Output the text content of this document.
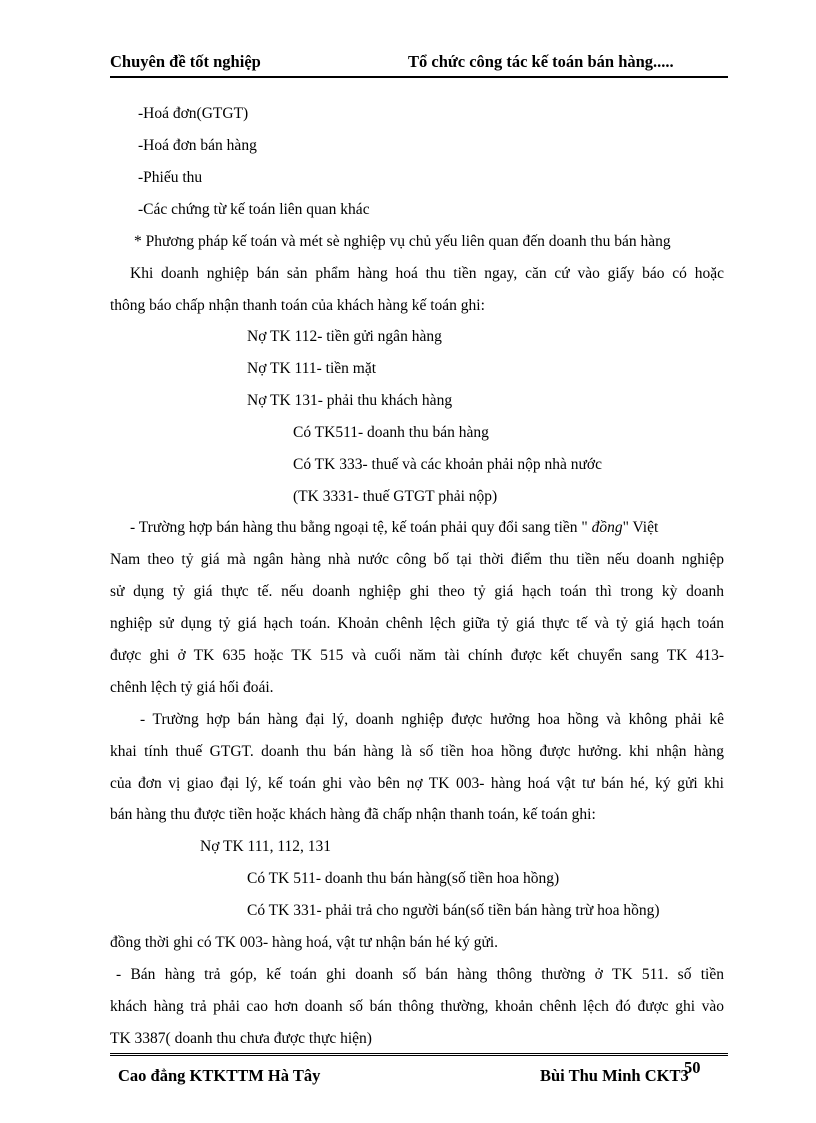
Chuyên đề tốt nghiệp	Tổ chức công tác kế toán bán hàng.....
-Hoá đơn(GTGT)
-Hoá đơn bán hàng
-Phiếu thu
-Các chứng từ kế toán liên quan khác
* Phương pháp kế toán và mét sè nghiệp vụ chủ yếu liên quan đến doanh thu bán hàng
Khi doanh nghiệp bán sản phẩm hàng hoá thu tiền ngay, căn cứ vào giấy báo có hoặc
thông báo chấp nhận thanh toán của khách hàng kế toán ghi:
Nợ TK 112- tiền gửi ngân hàng
Nợ TK 111- tiền mặt
Nợ TK 131- phải thu khách hàng
Có TK511- doanh thu bán hàng
Có TK 333- thuế và các khoản phải nộp nhà nước
(TK 3331- thuế GTGT phải nộp)
- Trường hợp bán hàng thu bằng ngoại tệ, kế toán phải quy đổi sang tiền " đồng" Việt
Nam theo tỷ giá mà ngân hàng nhà nước công bố tại thời điểm thu tiền nếu doanh nghiệp
sử dụng tỷ giá thực tế. nếu doanh nghiệp ghi theo tỷ giá hạch toán thì trong kỳ doanh
nghiệp sử dụng tỷ giá hạch toán. Khoản chênh lệch giữa tỷ giá thực tế và tỷ giá hạch toán
được ghi ở TK 635 hoặc TK 515 và cuối năm tài chính được kết chuyển sang TK 413-
chênh lệch tỷ giá hối đoái.
- Trường hợp bán hàng đại lý, doanh nghiệp được hưởng hoa hồng và không phải kê
khai tính thuế GTGT. doanh thu bán hàng là số tiền hoa hồng được hưởng. khi nhận hàng
của đơn vị giao đại lý, kế toán ghi vào bên nợ TK 003- hàng hoá vật tư bán hé, ký gửi khi
bán hàng thu được tiền hoặc khách hàng đã chấp nhận thanh toán, kế toán ghi:
Nợ TK 111, 112, 131
Có TK 511- doanh thu bán hàng(số tiền hoa hồng)
Có TK 331- phải trả cho người bán(số tiền bán hàng trừ hoa hồng)
đồng thời ghi có TK 003- hàng hoá, vật tư nhận bán hé ký gửi.
- Bán hàng trả góp, kế toán ghi doanh số bán hàng thông thường ở TK 511. số tiền
khách hàng trả phải cao hơn doanh số bán thông thường, khoản chênh lệch đó được ghi vào
TK 3387( doanh thu chưa được thực hiện)
Cao đẳng KTKTTM Hà Tây	Bùi Thu Minh CKT3
50
